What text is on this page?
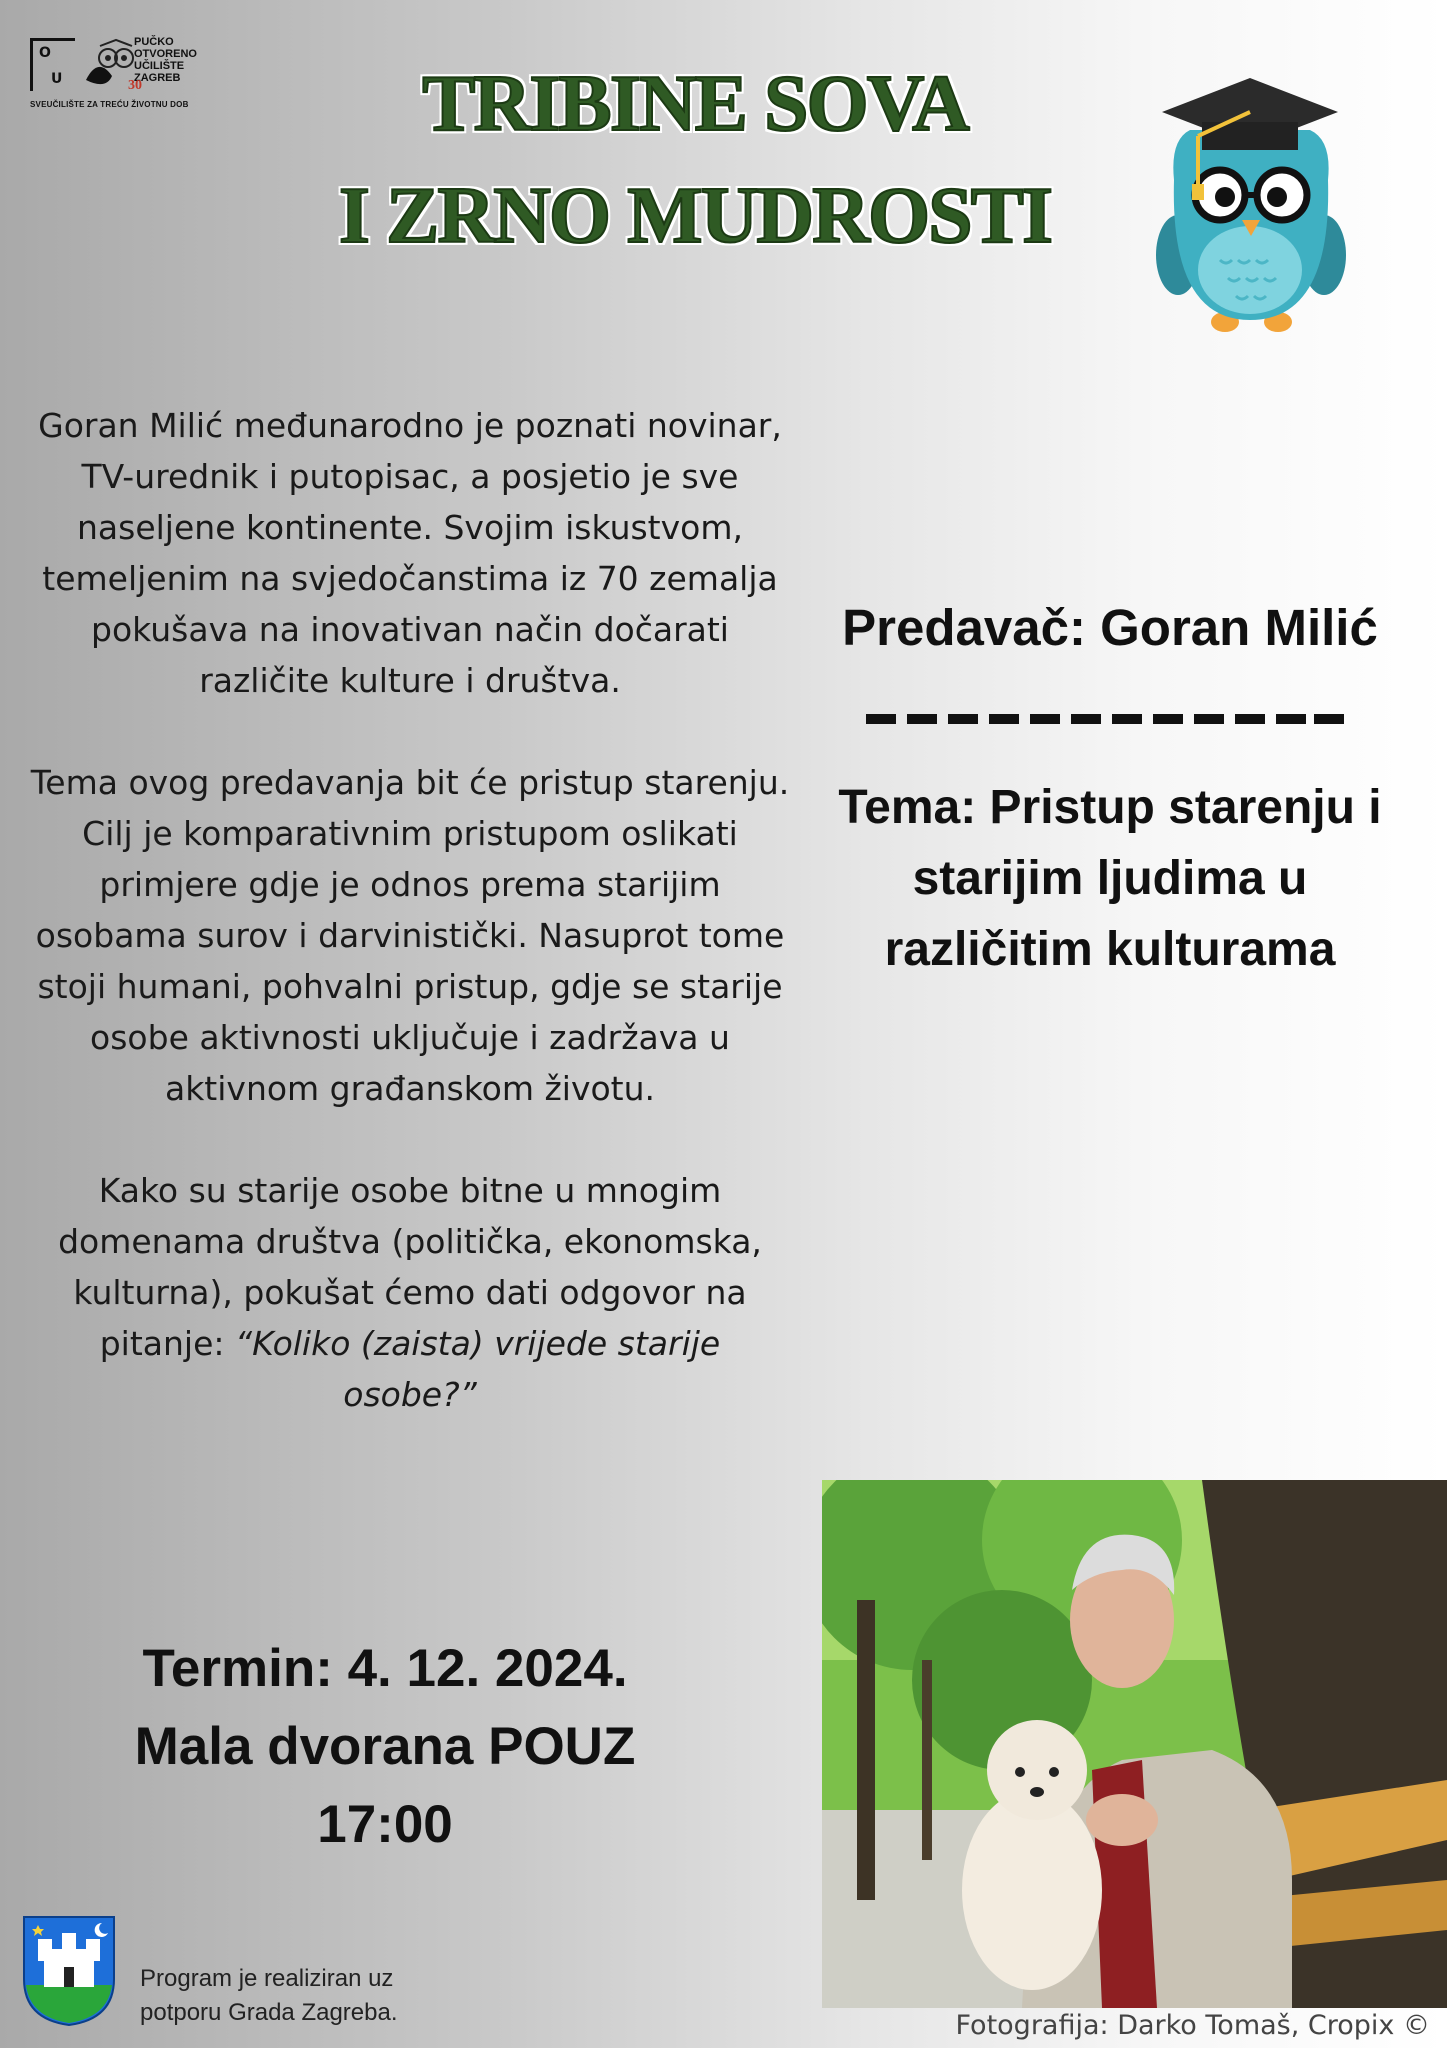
O
U
PUČKO
OTVORENO
UČILIŠTE
ZAGREB
30
SVEUČILIŠTE ZA TREĆU ŽIVOTNU DOB	TRIBINE SOVA
I ZRNO MUDROSTI

Goran Milić međunarodno je poznati novinar, TV-urednik i putopisac, a posjetio je sve naseljene kontinente. Svojim iskustvom, temeljenim na svjedočanstima iz 70 zemalja pokušava na inovativan način dočarati različite kulture i društva.

Tema ovog predavanja bit će pristup starenju. Cilj je komparativnim pristupom oslikati primjere gdje je odnos prema starijim osobama surov i darvinistički. Nasuprot tome stoji humani, pohvalni pristup, gdje se starije osobe aktivnosti uključuje i zadržava u aktivnom građanskom životu.

Kako su starije osobe bitne u mnogim domenama društva (politička, ekonomska, kulturna), pokušat ćemo dati odgovor na pitanje: “Koliko (zaista) vrijede starije osobe?”

Predavač: Goran Milić
Tema: Pristup starenju i
starijim ljudima u
različitim kulturama
Termin: 4. 12. 2024.
Mala dvorana POUZ
17:00
Fotografija: Darko Tomaš, Cropix ©
Program je realiziran uz
potporu Grada Zagreba.
